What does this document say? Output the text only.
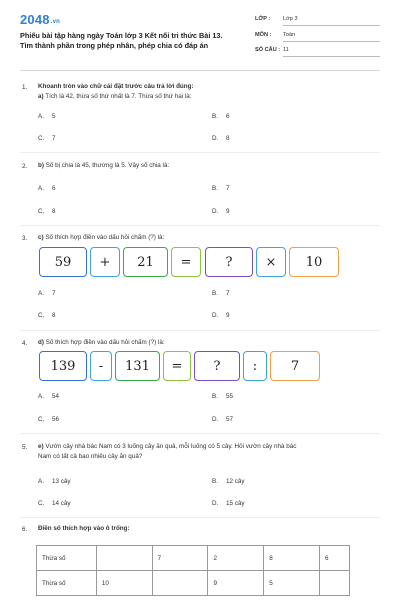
2048.vn
Phiếu bài tập hàng ngày Toán lớp 3 Kết nối tri thức Bài 13.
Tìm thành phần trong phép nhân, phép chia có đáp án
LỚP : Lớp 3
MÔN : Toán
SỐ CÂU : 11
1. Khoanh tròn vào chữ cái đặt trước câu trả lời đúng:
a) Tích là 42, thừa số thứ nhất là 7. Thừa số thứ hai là:
A. 5	B. 6
C. 7	D. 8
2. b) Số bị chia là 45, thương là 5. Vậy số chia là:
A. 6	B. 7
C. 8	D. 9
3. c) Số thích hợp điền vào dấu hỏi chấm (?) là:
59	+	21	=	?	×	10
A. 7	B. 7
C. 8	D. 9
4. d) Số thích hợp điền vào dấu hỏi chấm (?) là:
139	-	131	=	?	:	7
A. 54	B. 55
C. 56	D. 57
5. e) Vườn cây nhà bác Nam có 3 luống cây ăn quả, mỗi luống có 5 cây. Hỏi vườn cây nhà bác
Nam có tất cả bao nhiêu cây ăn quả?
A. 13 cây	B. 12 cây
C. 14 cây	D. 15 cây
6. Điền số thích hợp vào ô trống:
Thừa số		7	2	8	6
Thừa số	10		9	5	
